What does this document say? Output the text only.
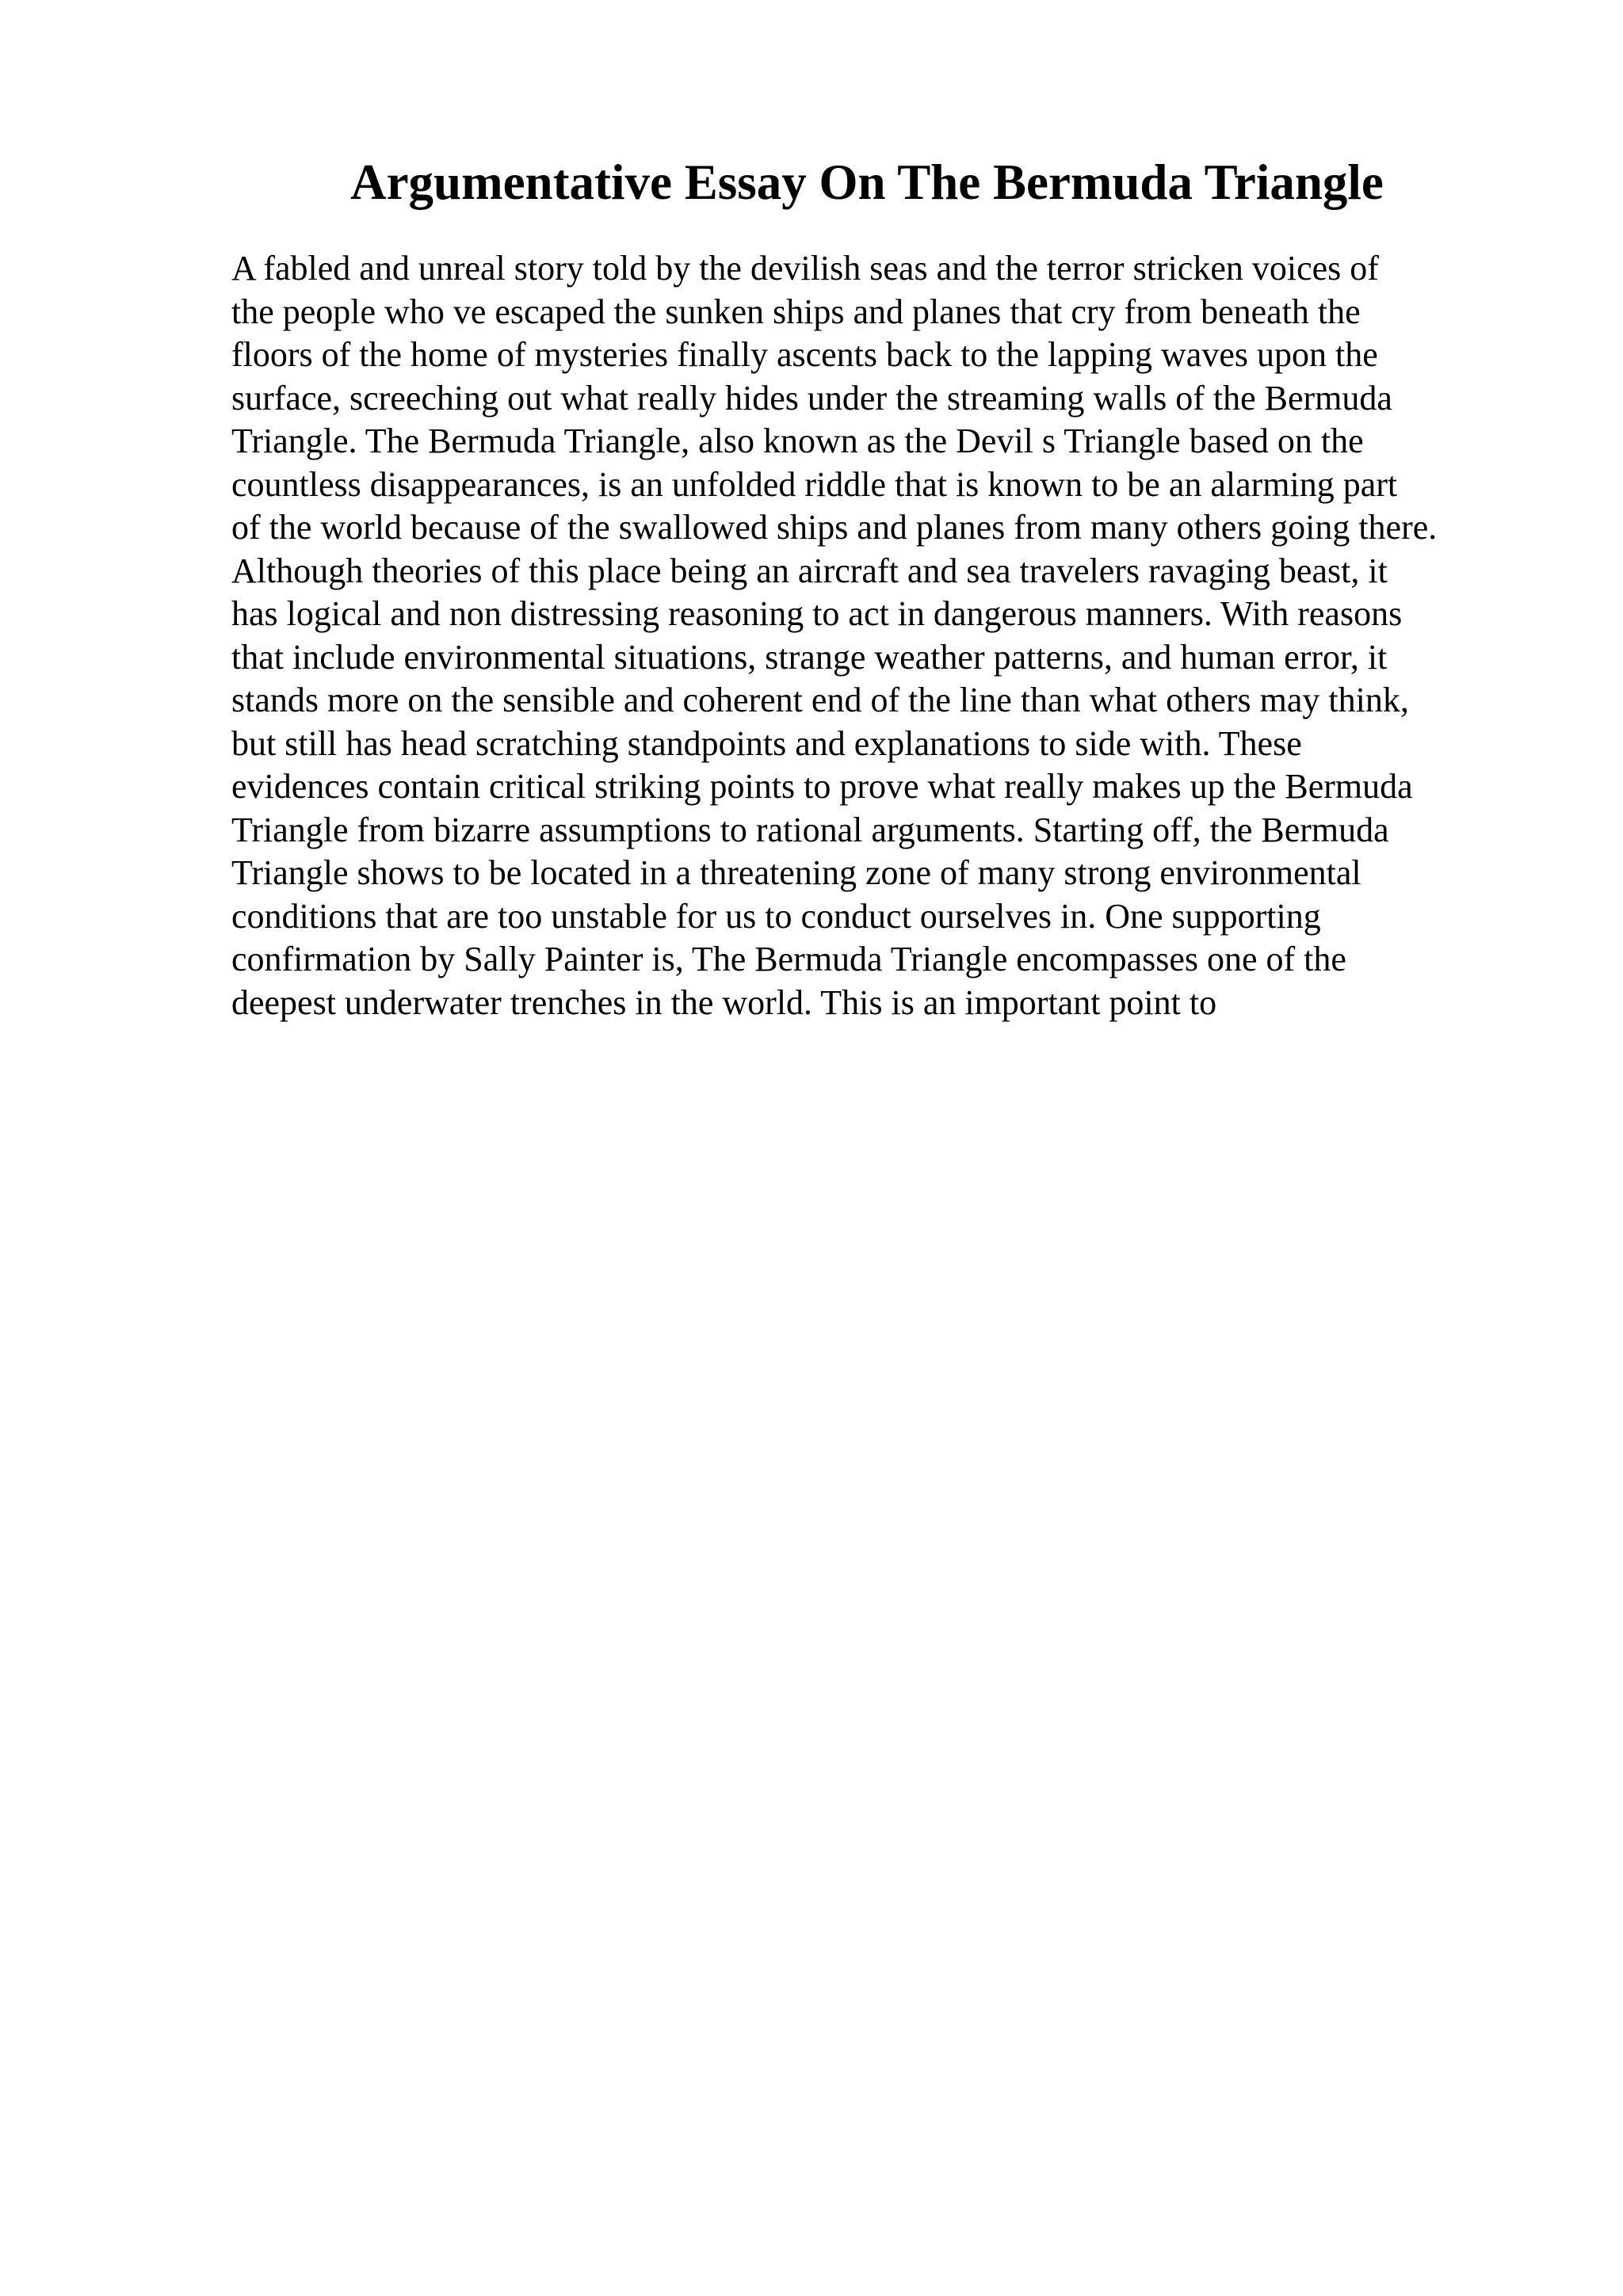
Argumentative Essay On The Bermuda Triangle

A fabled and unreal story told by the devilish seas and the terror stricken voices of
the people who ve escaped the sunken ships and planes that cry from beneath the
floors of the home of mysteries finally ascents back to the lapping waves upon the
surface, screeching out what really hides under the streaming walls of the Bermuda
Triangle. The Bermuda Triangle, also known as the Devil s Triangle based on the
countless disappearances, is an unfolded riddle that is known to be an alarming part
of the world because of the swallowed ships and planes from many others going there.
Although theories of this place being an aircraft and sea travelers ravaging beast, it
has logical and non distressing reasoning to act in dangerous manners. With reasons
that include environmental situations, strange weather patterns, and human error, it
stands more on the sensible and coherent end of the line than what others may think,
but still has head scratching standpoints and explanations to side with. These
evidences contain critical striking points to prove what really makes up the Bermuda
Triangle from bizarre assumptions to rational arguments. Starting off, the Bermuda
Triangle shows to be located in a threatening zone of many strong environmental
conditions that are too unstable for us to conduct ourselves in. One supporting
confirmation by Sally Painter is, The Bermuda Triangle encompasses one of the
deepest underwater trenches in the world. This is an important point to
